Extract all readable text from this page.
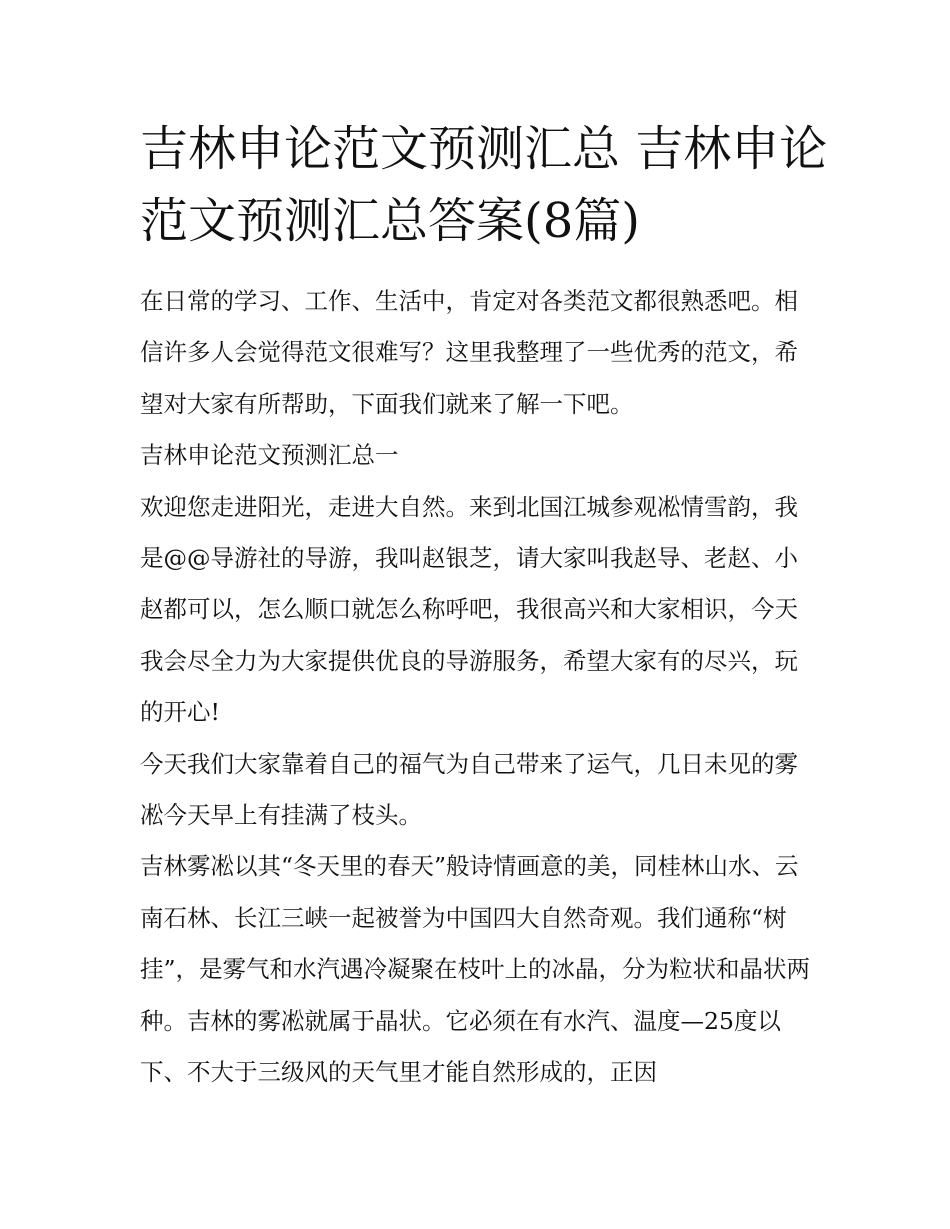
吉林申论范文预测汇总 吉林申论范文预测汇总答案(8篇)

在日常的学习、工作、生活中，肯定对各类范文都很熟悉吧。相信许多人会觉得范文很难写？这里我整理了一些优秀的范文，希望对大家有所帮助，下面我们就来了解一下吧。

吉林申论范文预测汇总一

欢迎您走进阳光，走进大自然。来到北国江城参观凇情雪韵，我是@@导游社的导游，我叫赵银芝，请大家叫我赵导、老赵、小赵都可以，怎么顺口就怎么称呼吧，我很高兴和大家相识，今天我会尽全力为大家提供优良的导游服务，希望大家有的尽兴，玩的开心!

今天我们大家靠着自己的福气为自己带来了运气，几日未见的雾凇今天早上有挂满了枝头。

吉林雾凇以其“冬天里的春天”般诗情画意的美，同桂林山水、云南石林、长江三峡一起被誉为中国四大自然奇观。我们通称“树挂”，是雾气和水汽遇冷凝聚在枝叶上的冰晶，分为粒状和晶状两种。吉林的雾凇就属于晶状。它必须在有水汽、温度—25度以下、不大于三级风的天气里才能自然形成的，正因
